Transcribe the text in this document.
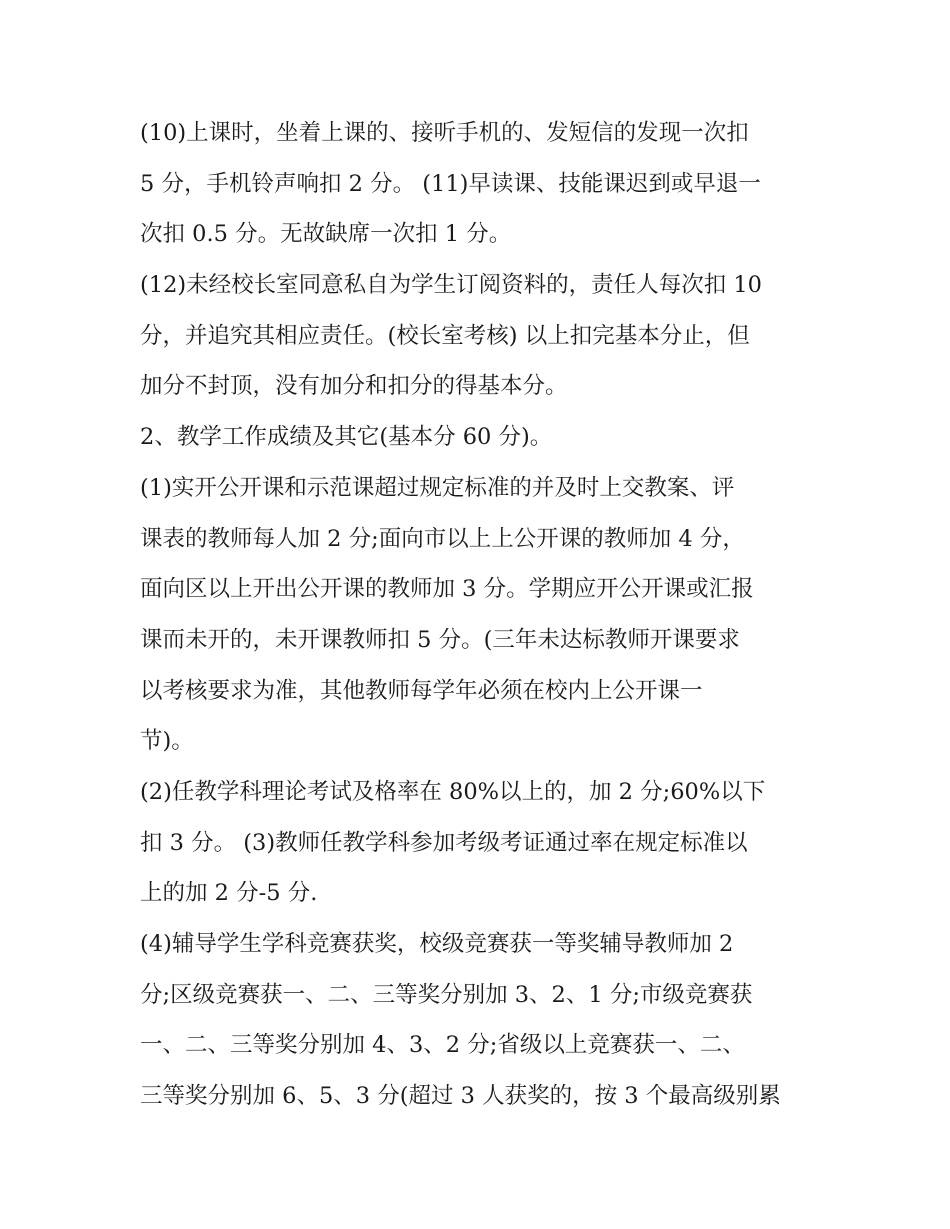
(10)上课时，坐着上课的、接听手机的、发短信的发现一次扣
5 分，手机铃声响扣 2 分。 (11)早读课、技能课迟到或早退一
次扣 0.5 分。无故缺席一次扣 1 分。
(12)未经校长室同意私自为学生订阅资料的，责任人每次扣 10
分，并追究其相应责任。(校长室考核) 以上扣完基本分止，但
加分不封顶，没有加分和扣分的得基本分。
2、教学工作成绩及其它(基本分 60 分)。
(1)实开公开课和示范课超过规定标准的并及时上交教案、评
课表的教师每人加 2 分;面向市以上上公开课的教师加 4 分，
面向区以上开出公开课的教师加 3 分。学期应开公开课或汇报
课而未开的，未开课教师扣 5 分。(三年未达标教师开课要求
以考核要求为准，其他教师每学年必须在校内上公开课一
节)。
(2)任教学科理论考试及格率在 80%以上的，加 2 分;60%以下
扣 3 分。 (3)教师任教学科参加考级考证通过率在规定标准以
上的加 2 分-5 分.
(4)辅导学生学科竞赛获奖，校级竞赛获一等奖辅导教师加 2
分;区级竞赛获一、二、三等奖分别加 3、2、1 分;市级竞赛获
一、二、三等奖分别加 4、3、2 分;省级以上竞赛获一、二、
三等奖分别加 6、5、3 分(超过 3 人获奖的，按 3 个最高级别累
